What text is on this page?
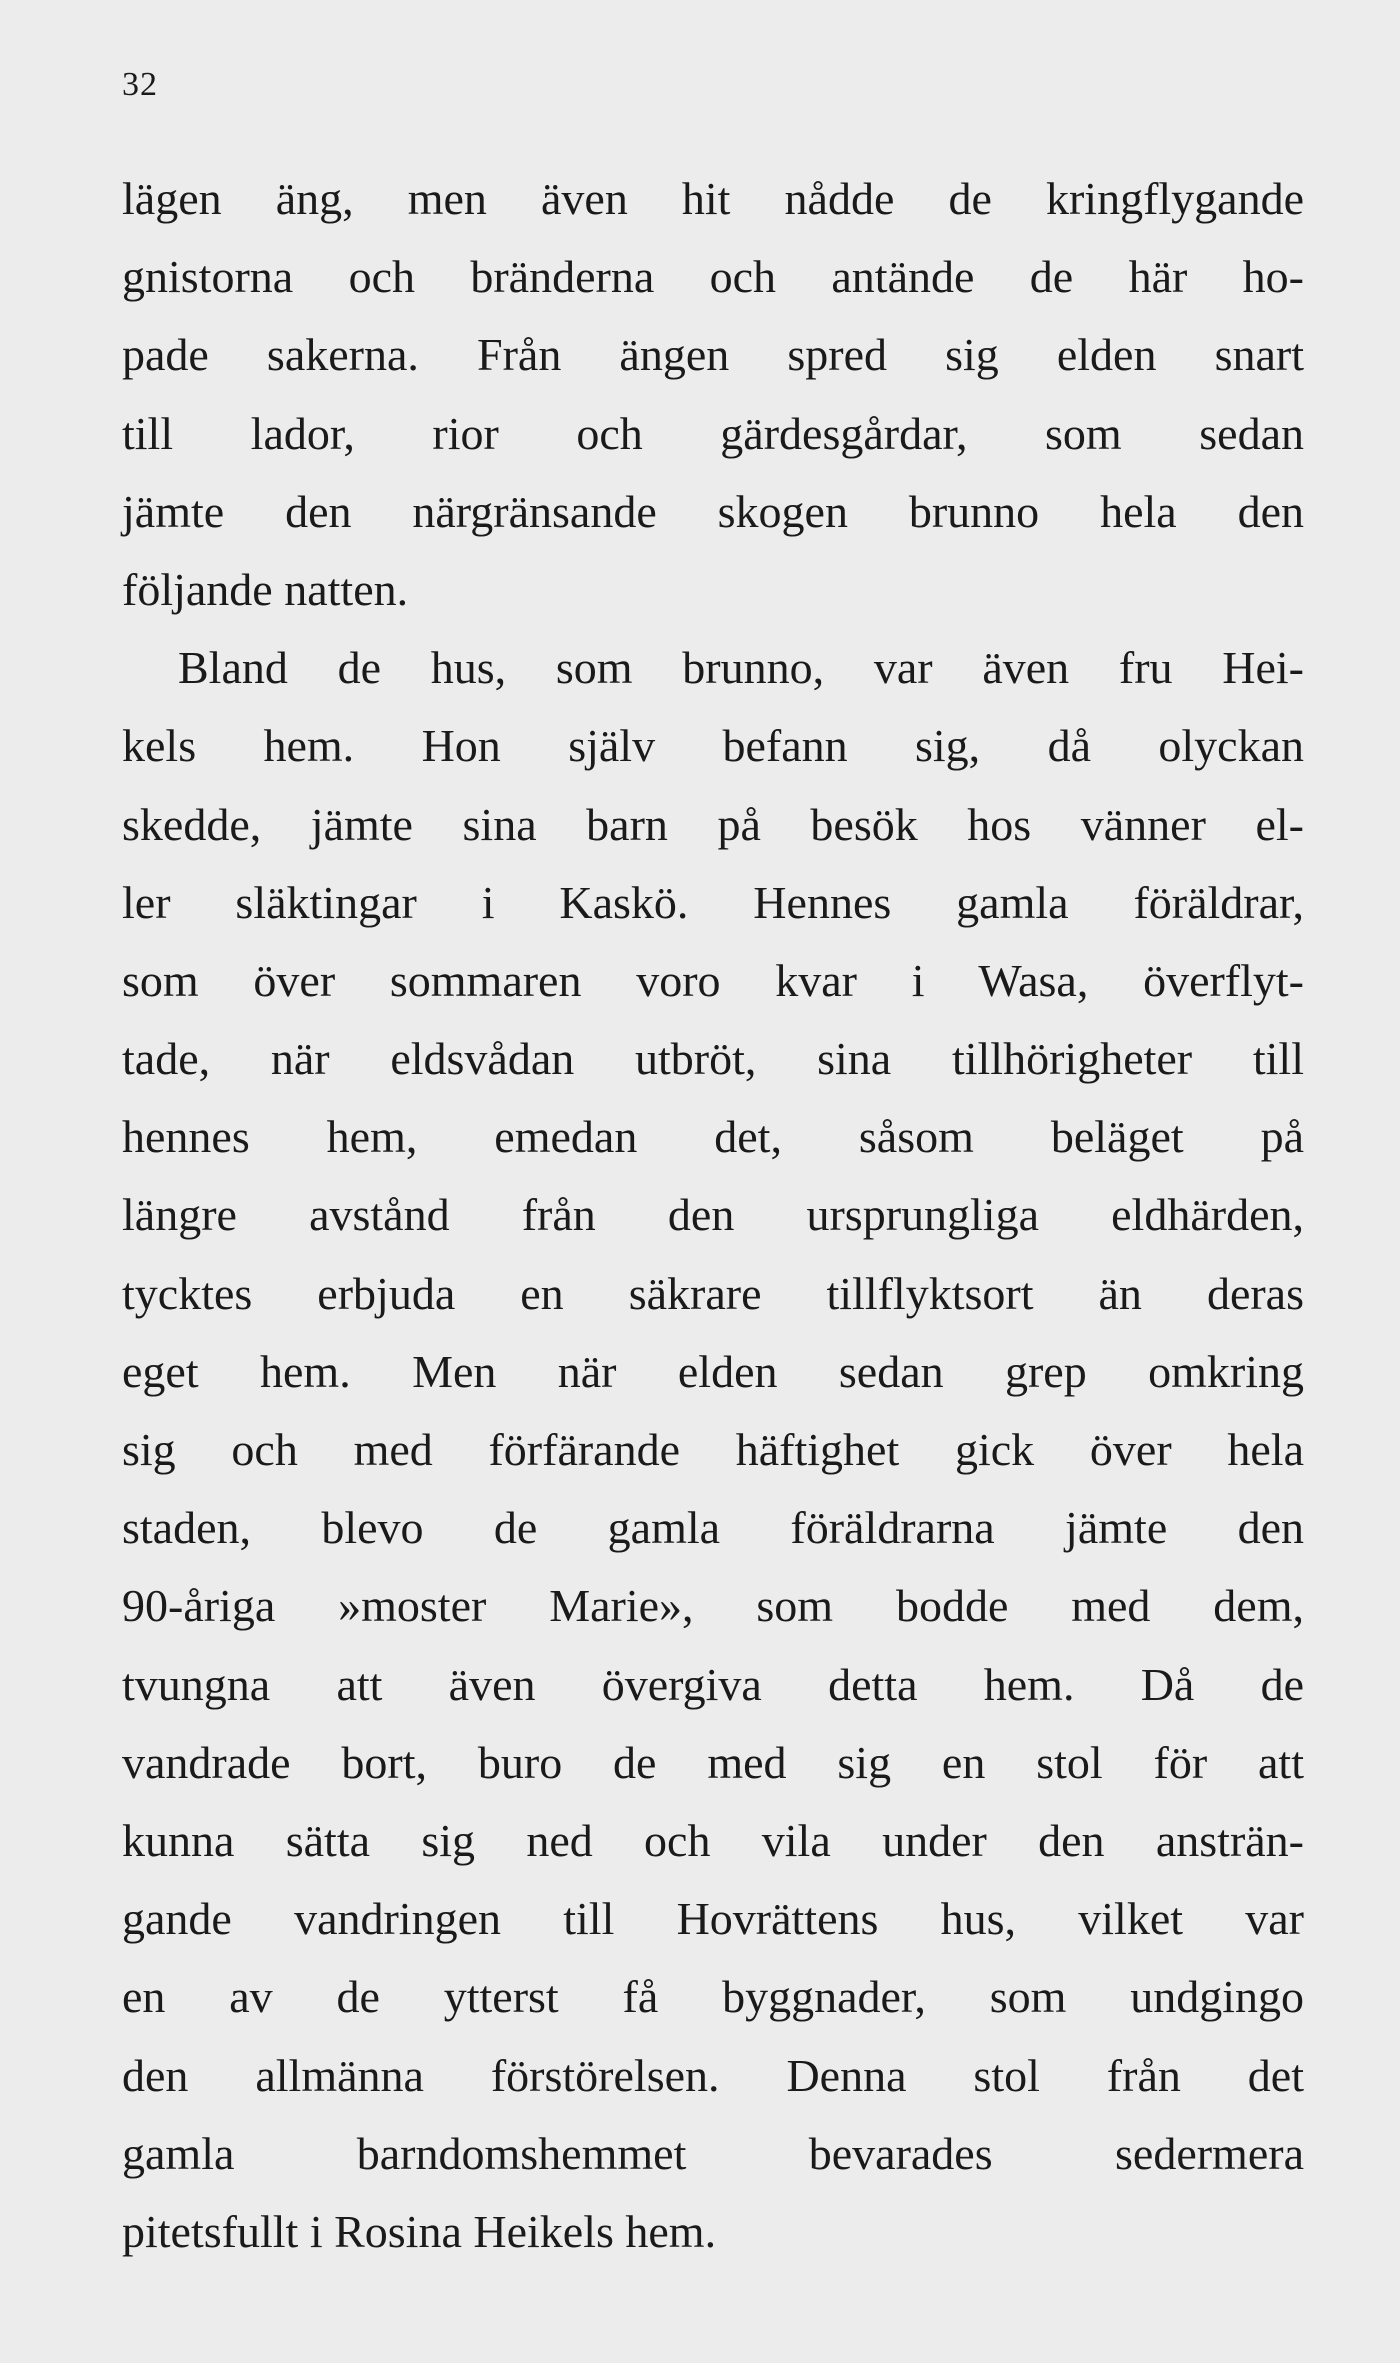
32
lägen äng, men även hit nådde de kringflygande
gnistorna och bränderna och antände de här ho-
pade sakerna. Från ängen spred sig elden snart
till lador, rior och gärdesgårdar, som sedan
jämte den närgränsande skogen brunno hela den
följande natten.
Bland de hus, som brunno, var även fru Hei-
kels hem. Hon själv befann sig, då olyckan
skedde, jämte sina barn på besök hos vänner el-
ler släktingar i Kaskö. Hennes gamla föräldrar,
som över sommaren voro kvar i Wasa, överflyt-
tade, när eldsvådan utbröt, sina tillhörigheter till
hennes hem, emedan det, såsom beläget på
längre avstånd från den ursprungliga eldhärden,
tycktes erbjuda en säkrare tillflyktsort än deras
eget hem. Men när elden sedan grep omkring
sig och med förfärande häftighet gick över hela
staden, blevo de gamla föräldrarna jämte den
90-åriga »moster Marie», som bodde med dem,
tvungna att även övergiva detta hem. Då de
vandrade bort, buro de med sig en stol för att
kunna sätta sig ned och vila under den ansträn-
gande vandringen till Hovrättens hus, vilket var
en av de ytterst få byggnader, som undgingo
den allmänna förstörelsen. Denna stol från det
gamla barndomshemmet bevarades sedermera
pitetsfullt i Rosina Heikels hem.
